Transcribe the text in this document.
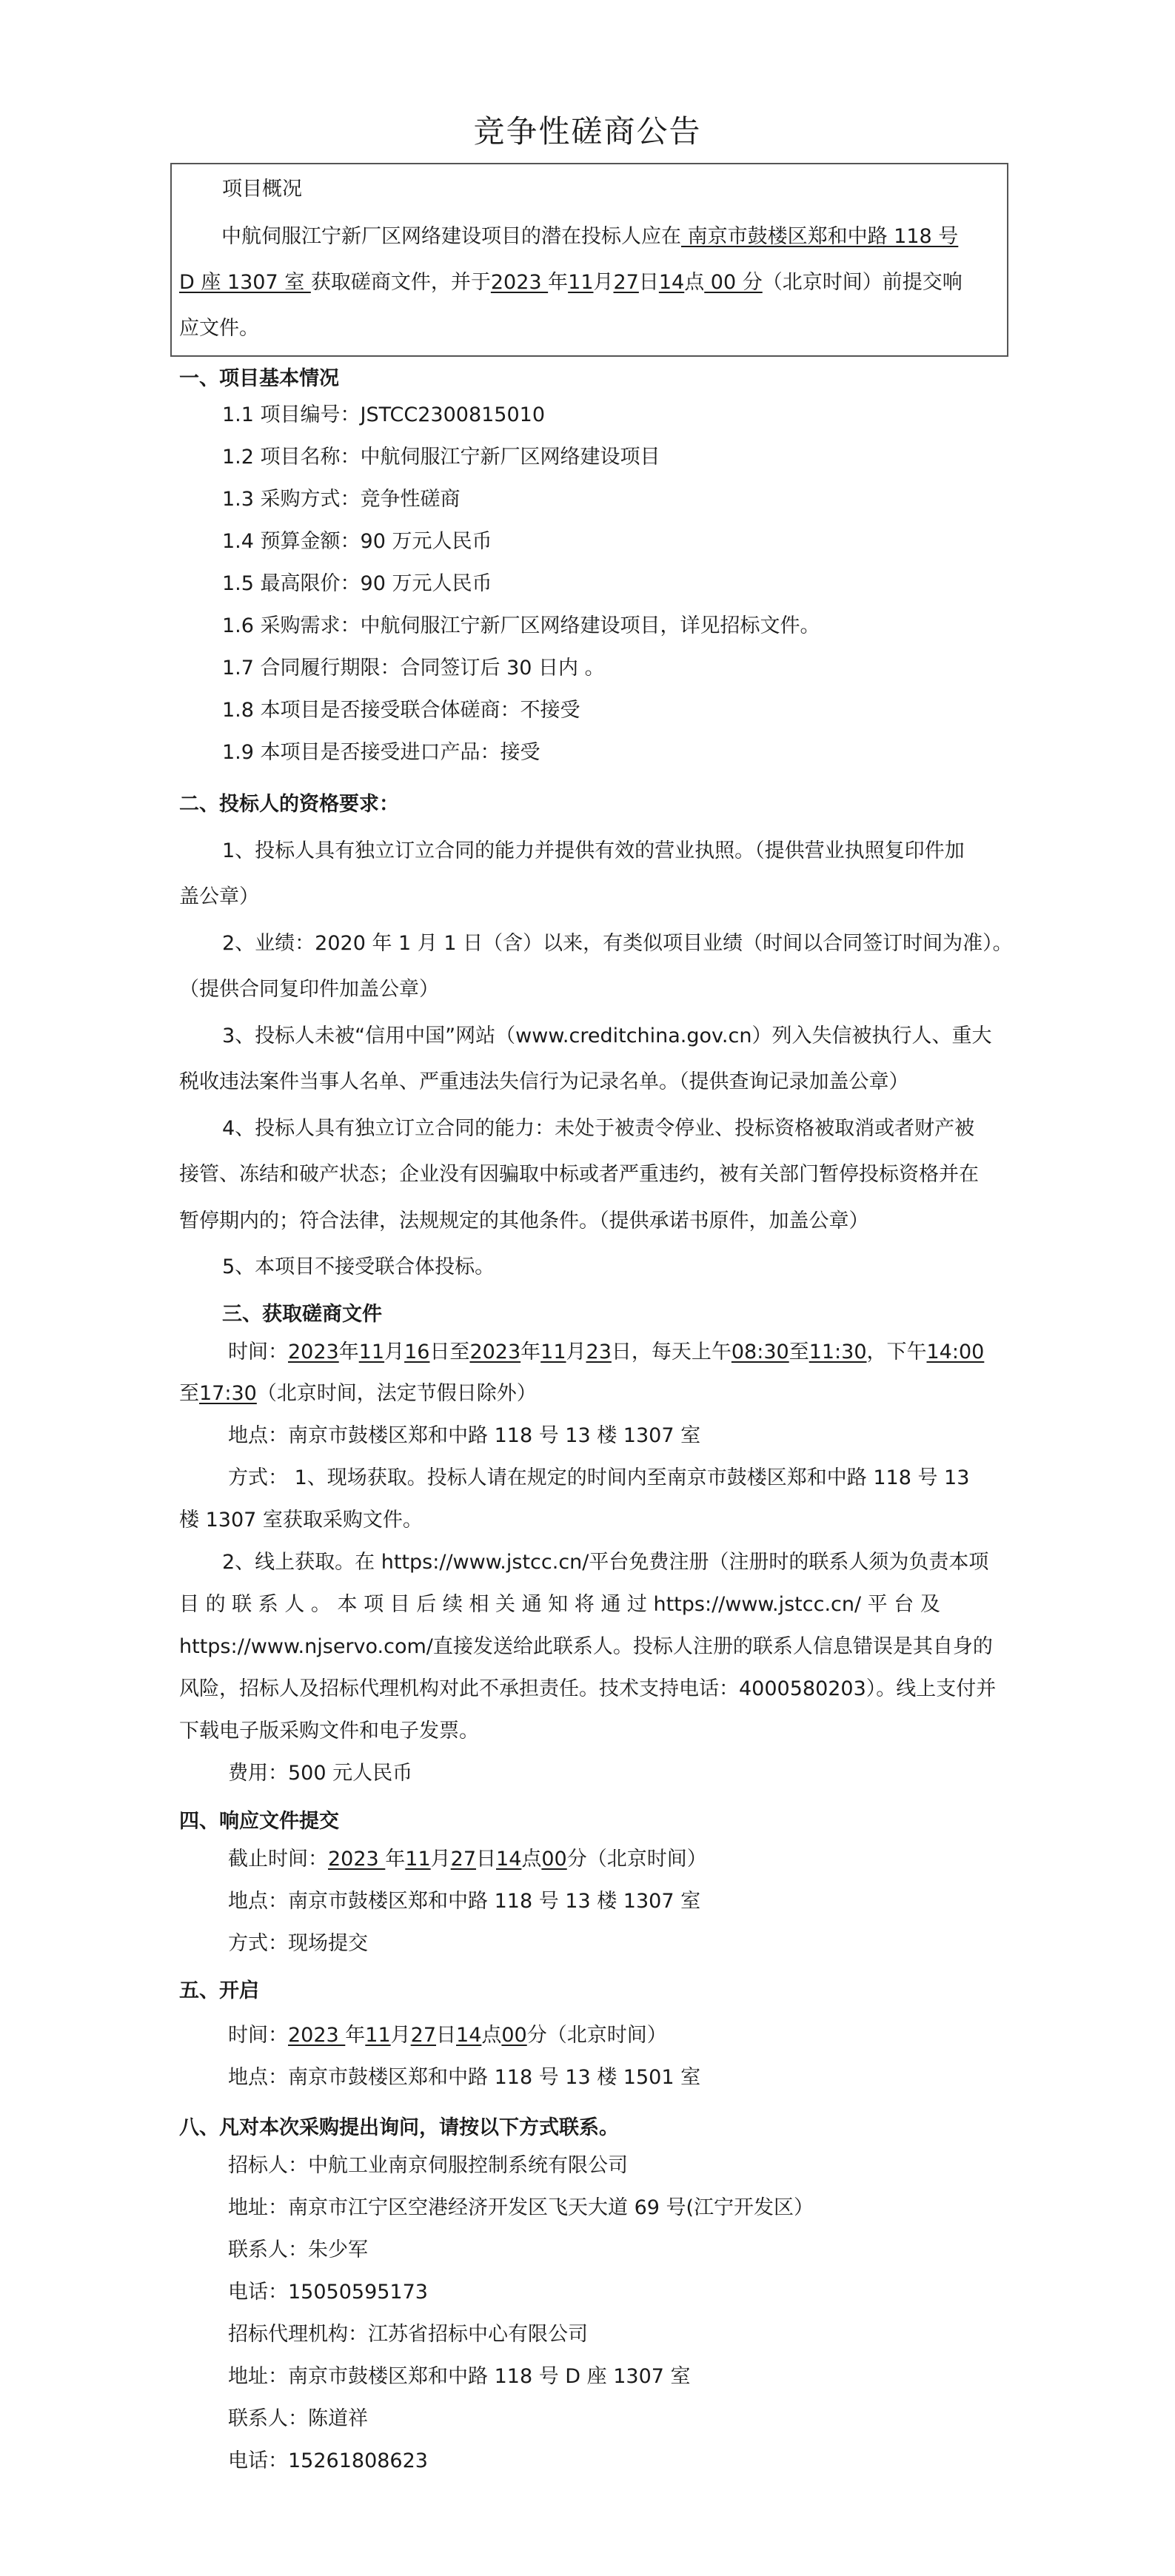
竞争性磋商公告
项目概况
中航伺服江宁新厂区网络建设项目的潜在投标人应在 南京市鼓楼区郑和中路 118 号
D 座 1307 室 获取磋商文件，并于2023 年11月27日14点 00 分（北京时间）前提交响
应文件。
一、项目基本情况
1.1 项目编号：JSTCC2300815010
1.2 项目名称：中航伺服江宁新厂区网络建设项目
1.3 采购方式：竞争性磋商
1.4 预算金额：90 万元人民币
1.5 最高限价：90 万元人民币
1.6 采购需求：中航伺服江宁新厂区网络建设项目，详见招标文件。
1.7 合同履行期限：合同签订后 30 日内 。
1.8 本项目是否接受联合体磋商：不接受
1.9 本项目是否接受进口产品：接受
二、投标人的资格要求：
1、投标人具有独立订立合同的能力并提供有效的营业执照。（提供营业执照复印件加
盖公章）
2、业绩：2020 年 1 月 1 日（含）以来，有类似项目业绩（时间以合同签订时间为准）。
（提供合同复印件加盖公章）
3、投标人未被“信用中国”网站（www.creditchina.gov.cn）列入失信被执行人、重大
税收违法案件当事人名单、严重违法失信行为记录名单。（提供查询记录加盖公章）
4、投标人具有独立订立合同的能力：未处于被责令停业、投标资格被取消或者财产被
接管、冻结和破产状态；企业没有因骗取中标或者严重违约，被有关部门暂停投标资格并在
暂停期内的；符合法律，法规规定的其他条件。（提供承诺书原件，加盖公章）
5、本项目不接受联合体投标。
三、获取磋商文件
时间：2023年11月16日至2023年11月23日，每天上午08:30至11:30，下午14:00
至17:30（北京时间，法定节假日除外）
地点：南京市鼓楼区郑和中路 118 号 13 楼 1307 室
方式： 1、现场获取。投标人请在规定的时间内至南京市鼓楼区郑和中路 118 号 13
楼 1307 室获取采购文件。
2、线上获取。在 https://www.jstcc.cn/平台免费注册（注册时的联系人须为负责本项
目 的 联 系 人 。 本 项 目 后 续 相 关 通 知 将 通 过 https://www.jstcc.cn/ 平 台 及
https://www.njservo.com/直接发送给此联系人。投标人注册的联系人信息错误是其自身的
风险，招标人及招标代理机构对此不承担责任。技术支持电话：4000580203）。线上支付并
下载电子版采购文件和电子发票。
费用：500 元人民币
四、响应文件提交
截止时间：2023 年11月27日14点00分（北京时间）
地点：南京市鼓楼区郑和中路 118 号 13 楼 1307 室
方式：现场提交
五、开启
时间：2023 年11月27日14点00分（北京时间）
地点：南京市鼓楼区郑和中路 118 号 13 楼 1501 室
八、凡对本次采购提出询问，请按以下方式联系。
招标人：中航工业南京伺服控制系统有限公司
地址：南京市江宁区空港经济开发区飞天大道 69 号(江宁开发区）
联系人：朱少军
电话：15050595173
招标代理机构：江苏省招标中心有限公司
地址：南京市鼓楼区郑和中路 118 号 D 座 1307 室
联系人：陈道祥
电话：15261808623
